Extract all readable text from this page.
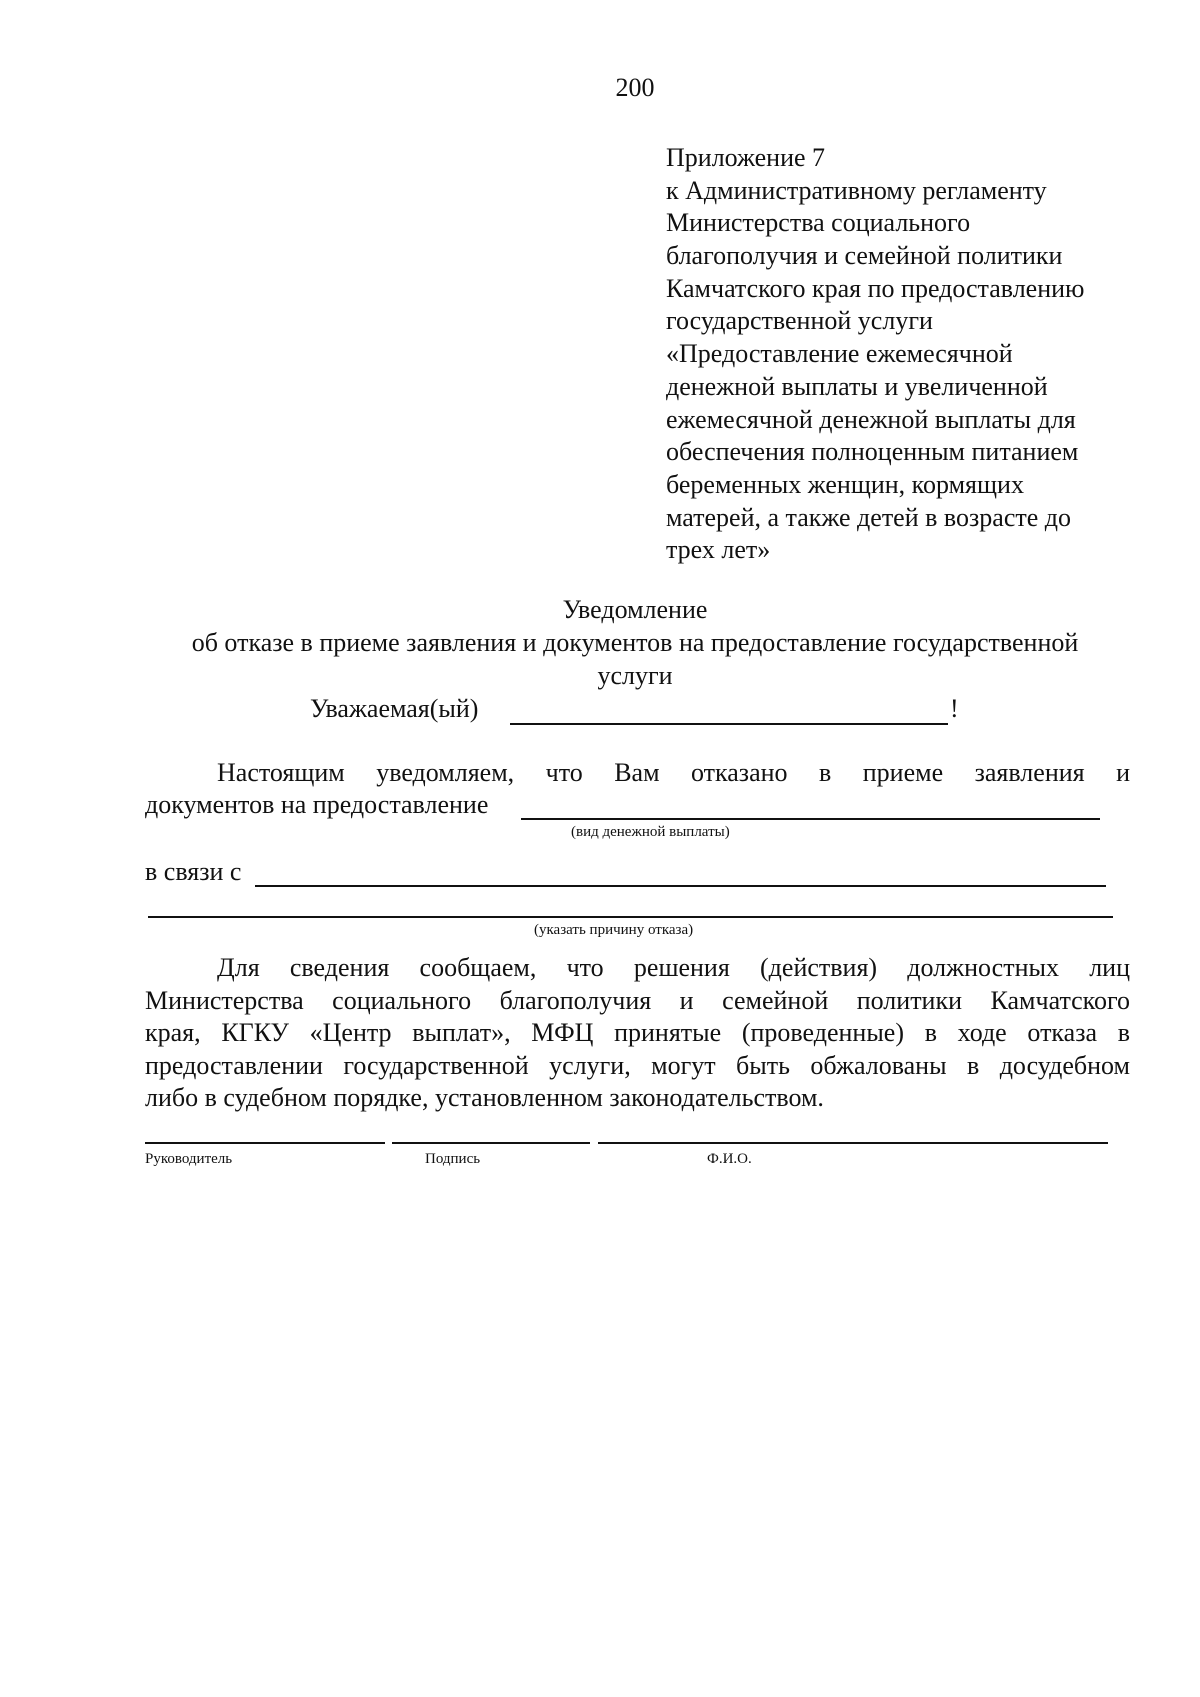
200
Приложение 7
к Административному регламенту
Министерства социального
благополучия и семейной политики
Камчатского края по предоставлению
государственной услуги
«Предоставление ежемесячной
денежной выплаты и увеличенной
ежемесячной денежной выплаты для
обеспечения полноценным питанием
беременных женщин, кормящих
матерей, а также детей в возрасте до
трех лет»
Уведомление
об отказе в приеме заявления и документов на предоставление государственной
услуги
Уважаемая(ый)	!
Настоящим уведомляем, что Вам отказано в приеме заявления и
документов на предоставление
(вид денежной выплаты)
в связи с
(указать причину отказа)
Для сведения сообщаем, что решения (действия) должностных лиц
Министерства социального благополучия и семейной политики Камчатского
края, КГКУ «Центр выплат», МФЦ принятые (проведенные) в ходе отказа в
предоставлении государственной услуги, могут быть обжалованы в досудебном
либо в судебном порядке, установленном законодательством.
Руководитель	Подпись	Ф.И.О.
